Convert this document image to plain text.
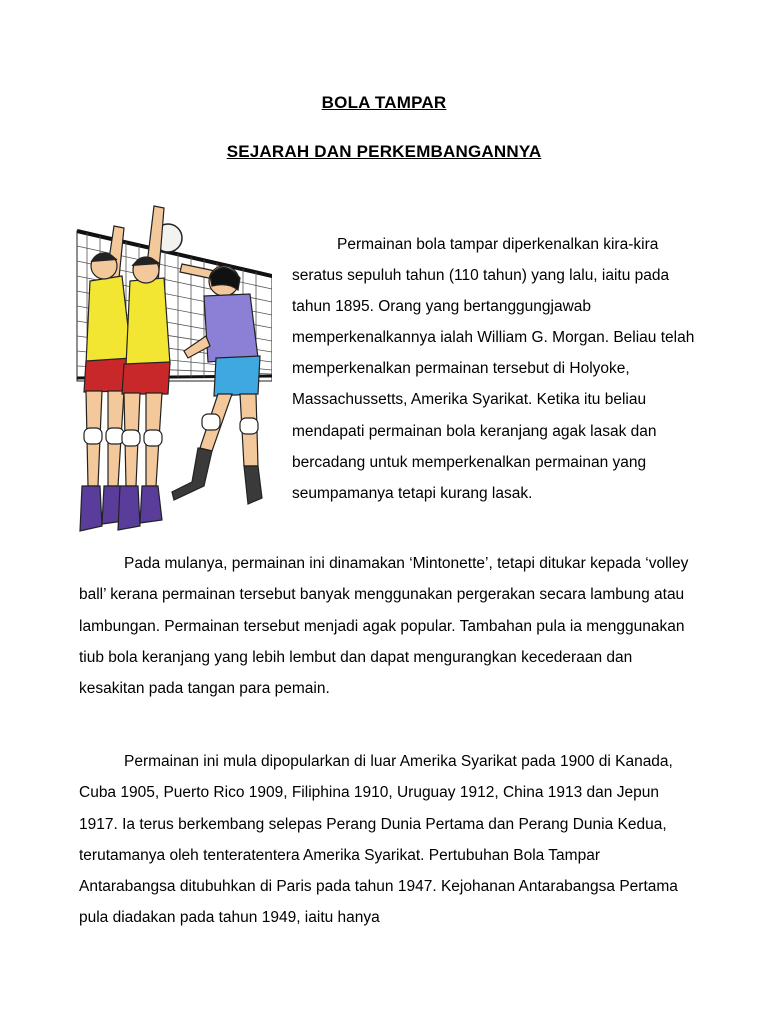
BOLA TAMPAR
SEJARAH DAN PERKEMBANGANNYA

Permainan bola tampar diperkenalkan kira-kira seratus sepuluh tahun (110 tahun) yang lalu, iaitu pada tahun 1895. Orang yang bertanggungjawab memperkenalkannya ialah William G. Morgan. Beliau telah memperkenalkan permainan tersebut di Holyoke, Massachussetts, Amerika Syarikat. Ketika itu beliau mendapati permainan bola keranjang agak lasak dan bercadang untuk memperkenalkan permainan yang seumpamanya tetapi kurang lasak.

Pada mulanya, permainan ini dinamakan ‘Mintonette’, tetapi ditukar kepada ‘volley ball’ kerana permainan tersebut banyak menggunakan pergerakan secara lambung atau lambungan. Permainan tersebut menjadi agak popular. Tambahan pula ia menggunakan tiub bola keranjang yang lebih lembut dan dapat mengurangkan kecederaan dan kesakitan pada tangan para pemain.

Permainan ini mula dipopularkan di luar Amerika Syarikat pada 1900 di Kanada, Cuba 1905, Puerto Rico 1909, Filiphina 1910, Uruguay 1912, China 1913 dan Jepun 1917. Ia terus berkembang selepas Perang Dunia Pertama dan Perang Dunia Kedua, terutamanya oleh tenteratentera Amerika Syarikat. Pertubuhan Bola Tampar Antarabangsa ditubuhkan di Paris pada tahun 1947. Kejohanan Antarabangsa Pertama pula diadakan pada tahun 1949, iaitu hanya
